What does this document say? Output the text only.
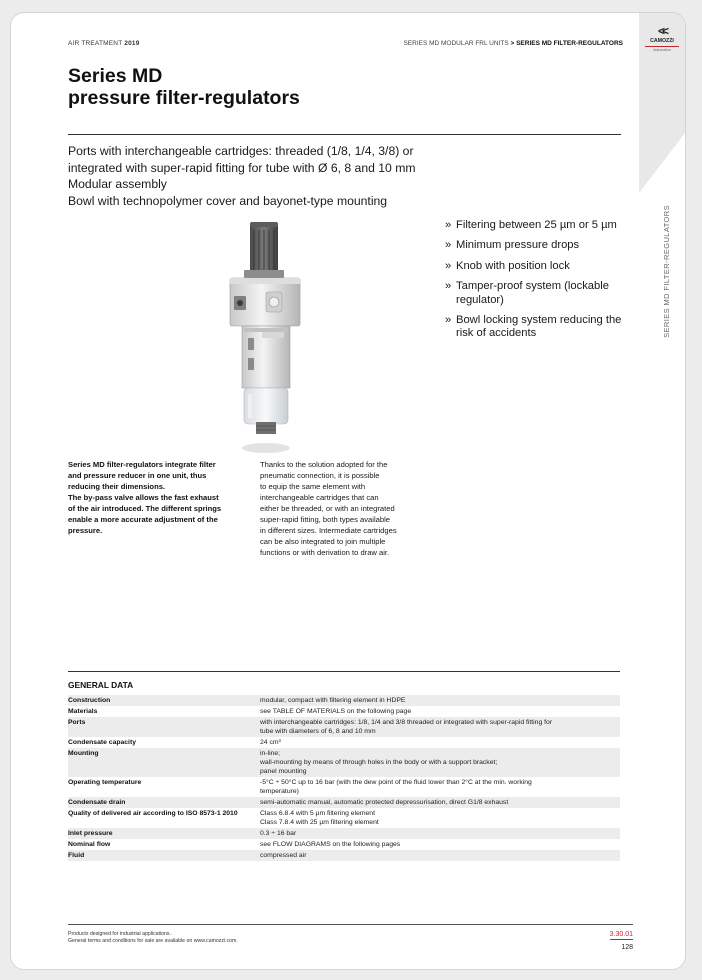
<<
CAMOZZI
Automation
SERIES MD FILTER-REGULATORS
AIR TREATMENT 2019	SERIES MD MODULAR FRL UNITS > SERIES MD FILTER-REGULATORS
Series MD
pressure filter-regulators
Ports with interchangeable cartridges: threaded (1/8, 1/4, 3/8) or
integrated with super-rapid fitting for tube with Ø 6, 8 and 10 mm
Modular assembly
Bowl with technopolymer cover and bayonet-type mounting
» Filtering between 25 µm or 5 µm
» Minimum pressure drops
» Knob with position lock
» Tamper-proof system (lockable regulator)
» Bowl locking system reducing the risk of accidents
Series MD filter-regulators integrate filter
and pressure reducer in one unit, thus
reducing their dimensions.
The by-pass valve allows the fast exhaust
of the air introduced. The different springs
enable a more accurate adjustment of the
pressure.
Thanks to the solution adopted for the
pneumatic connection, it is possible
to equip the same element with
interchangeable cartridges that can
either be threaded, or with an integrated
super-rapid fitting, both types available
in different sizes. Intermediate cartridges
can be also integrated to join multiple
functions or with derivation to draw air.
GENERAL DATA
Construction	modular, compact with filtering element in HDPE

Materials	see TABLE OF MATERIALS on the following page

Ports	with interchangeable cartridges: 1/8, 1/4 and 3/8 threaded or integrated with super-rapid fitting for
tube with diameters of 6, 8 and 10 mm

Condensate capacity	24 cm³

Mounting	in-line;
wall-mounting by means of through holes in the body or with a support bracket;
panel mounting

Operating temperature	-5°C ÷ 50°C up to 16 bar (with the dew point of the fluid lower than 2°C at the min. working
temperature)

Condensate drain	semi-automatic manual, automatic protected depressurisation, direct G1/8 exhaust

Quality of delivered air according to ISO 8573-1 2010	Class 6.8.4 with 5 µm filtering element
Class 7.8.4 with 25 µm filtering element

Inlet pressure	0.3 ÷ 16 bar

Nominal flow	see FLOW DIAGRAMS on the following pages

Fluid	compressed air
Products designed for industrial applications.
General terms and conditions for sale are available on www.camozzi.com.
3.30.01
128
